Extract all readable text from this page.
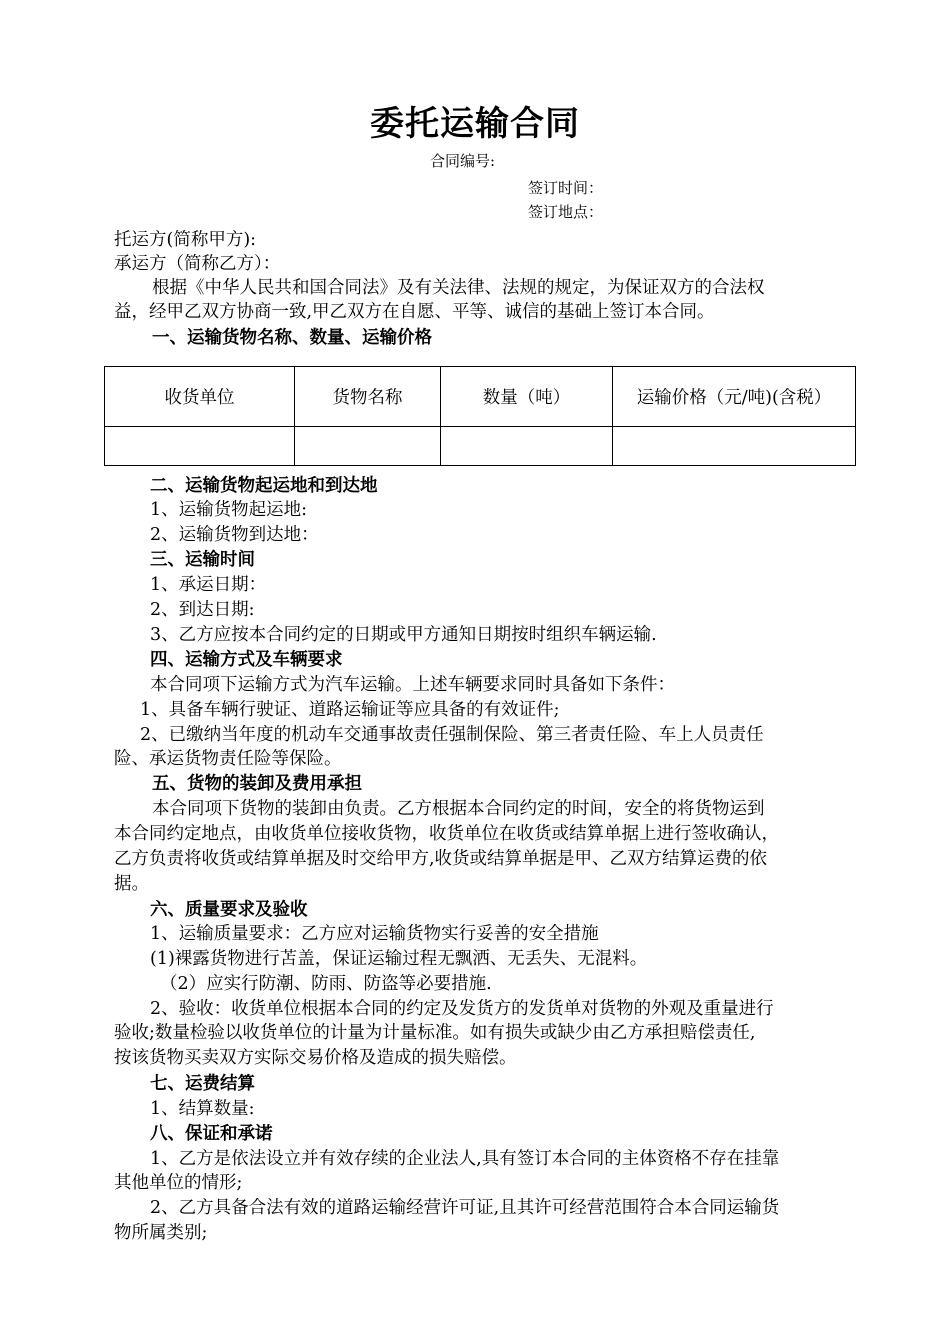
委托运输合同
合同编号:
签订时间：
签订地点：
托运方(简称甲方):
承运方（简称乙方）：
根据《中华人民共和国合同法》及有关法律、法规的规定，为保证双方的合法权
益，经甲乙双方协商一致,甲乙双方在自愿、平等、诚信的基础上签订本合同。
一、运输货物名称、数量、运输价格
收货单位	货物名称	数量（吨）	运输价格（元/吨)(含税）

二、运输货物起运地和到达地
1、运输货物起运地:
2、运输货物到达地：
三、运输时间
1、承运日期：
2、到达日期:
3、乙方应按本合同约定的日期或甲方通知日期按时组织车辆运输.
四、运输方式及车辆要求
本合同项下运输方式为汽车运输。上述车辆要求同时具备如下条件：
1、具备车辆行驶证、道路运输证等应具备的有效证件;
2、已缴纳当年度的机动车交通事故责任强制保险、第三者责任险、车上人员责任
险、承运货物责任险等保险。
五、货物的装卸及费用承担
本合同项下货物的装卸由负责。乙方根据本合同约定的时间，安全的将货物运到
本合同约定地点，由收货单位接收货物，收货单位在收货或结算单据上进行签收确认，
乙方负责将收货或结算单据及时交给甲方,收货或结算单据是甲、乙双方结算运费的依
据。
六、质量要求及验收
1、运输质量要求：乙方应对运输货物实行妥善的安全措施
(1)裸露货物进行苫盖，保证运输过程无飘洒、无丢失、无混料。
（2）应实行防潮、防雨、防盗等必要措施.
2、验收：收货单位根据本合同的约定及发货方的发货单对货物的外观及重量进行
验收;数量检验以收货单位的计量为计量标准。如有损失或缺少由乙方承担赔偿责任,
按该货物买卖双方实际交易价格及造成的损失赔偿。
七、运费结算
1、结算数量:
八、保证和承诺
1、乙方是依法设立并有效存续的企业法人,具有签订本合同的主体资格不存在挂靠
其他单位的情形;
2、乙方具备合法有效的道路运输经营许可证,且其许可经营范围符合本合同运输货
物所属类别;
